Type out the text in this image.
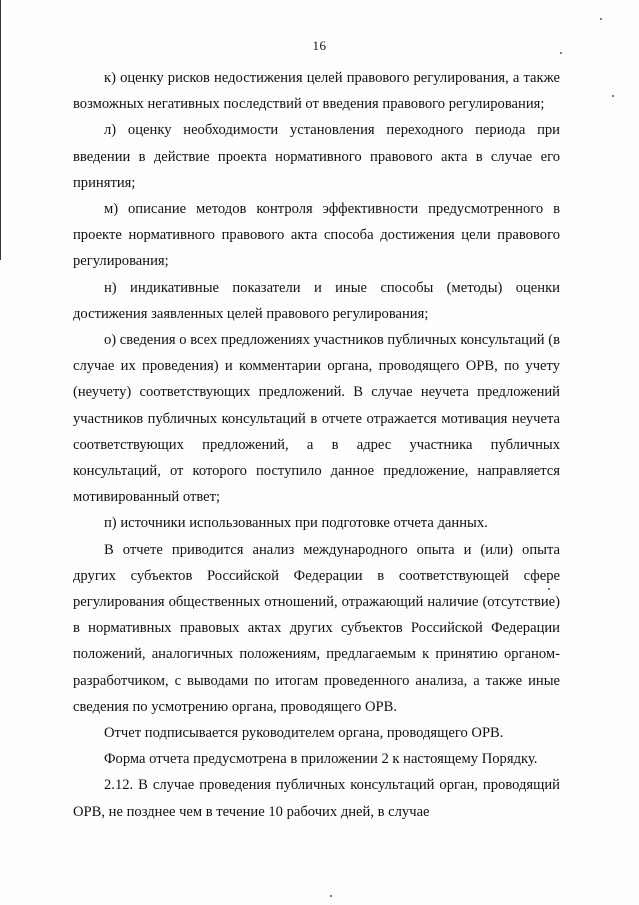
16

к) оценку рисков недостижения целей правового регулирования, а также возможных негативных последствий от введения правового регулирования;

л) оценку необходимости установления переходного периода при введении в действие проекта нормативного правового акта в случае его принятия;

м) описание методов контроля эффективности предусмотренного в проекте нормативного правового акта способа достижения цели правового регулирования;

н) индикативные показатели и иные способы (методы) оценки достижения заявленных целей правового регулирования;

о) сведения о всех предложениях участников публичных консультаций (в случае их проведения) и комментарии органа, проводящего ОРВ, по учету (неучету) соответствующих предложений. В случае неучета предложений участников публичных консультаций в отчете отражается мотивация неучета соответствующих предложений, а в адрес участника публичных консультаций, от которого поступило данное предложение, направляется мотивированный ответ;

п) источники использованных при подготовке отчета данных.

В отчете приводится анализ международного опыта и (или) опыта других субъектов Российской Федерации в соответствующей сфере регулирования общественных отношений, отражающий наличие (отсутствие) в нормативных правовых актах других субъектов Российской Федерации положений, аналогичных положениям, предлагаемым к принятию органом-разработчиком, с выводами по итогам проведенного анализа, а также иные сведения по усмотрению органа, проводящего ОРВ.

Отчет подписывается руководителем органа, проводящего ОРВ.

Форма отчета предусмотрена в приложении 2 к настоящему Порядку.

2.12. В случае проведения публичных консультаций орган, проводящий ОРВ, не позднее чем в течение 10 рабочих дней, в случае
